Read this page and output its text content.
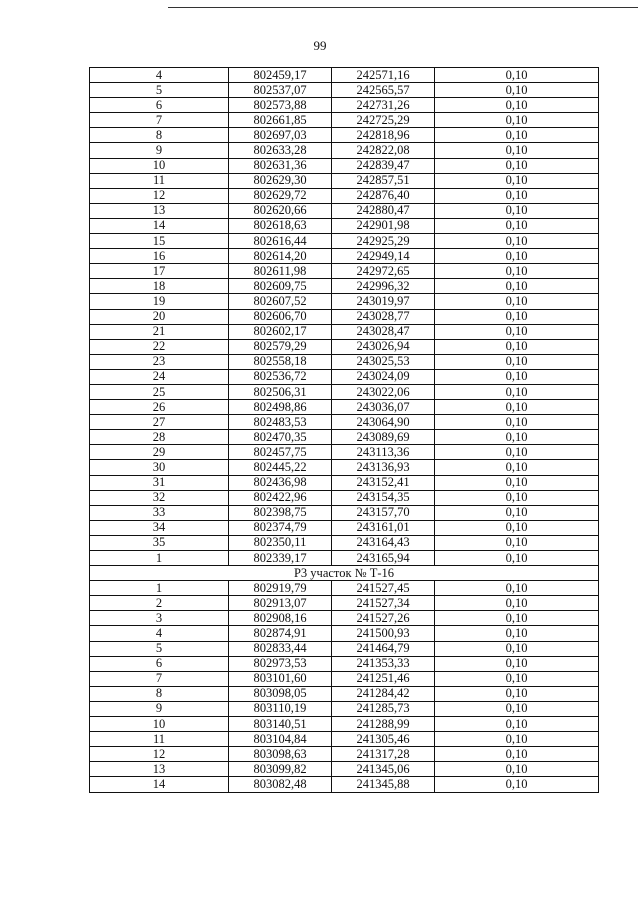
99
4	802459,17	242571,16	0,10
5	802537,07	242565,57	0,10
6	802573,88	242731,26	0,10
7	802661,85	242725,29	0,10
8	802697,03	242818,96	0,10
9	802633,28	242822,08	0,10
10	802631,36	242839,47	0,10
11	802629,30	242857,51	0,10
12	802629,72	242876,40	0,10
13	802620,66	242880,47	0,10
14	802618,63	242901,98	0,10
15	802616,44	242925,29	0,10
16	802614,20	242949,14	0,10
17	802611,98	242972,65	0,10
18	802609,75	242996,32	0,10
19	802607,52	243019,97	0,10
20	802606,70	243028,77	0,10
21	802602,17	243028,47	0,10
22	802579,29	243026,94	0,10
23	802558,18	243025,53	0,10
24	802536,72	243024,09	0,10
25	802506,31	243022,06	0,10
26	802498,86	243036,07	0,10
27	802483,53	243064,90	0,10
28	802470,35	243089,69	0,10
29	802457,75	243113,36	0,10
30	802445,22	243136,93	0,10
31	802436,98	243152,41	0,10
32	802422,96	243154,35	0,10
33	802398,75	243157,70	0,10
34	802374,79	243161,01	0,10
35	802350,11	243164,43	0,10
1	802339,17	243165,94	0,10
Р3 участок № Т-16			
1	802919,79	241527,45	0,10
2	802913,07	241527,34	0,10
3	802908,16	241527,26	0,10
4	802874,91	241500,93	0,10
5	802833,44	241464,79	0,10
6	802973,53	241353,33	0,10
7	803101,60	241251,46	0,10
8	803098,05	241284,42	0,10
9	803110,19	241285,73	0,10
10	803140,51	241288,99	0,10
11	803104,84	241305,46	0,10
12	803098,63	241317,28	0,10
13	803099,82	241345,06	0,10
14	803082,48	241345,88	0,10
